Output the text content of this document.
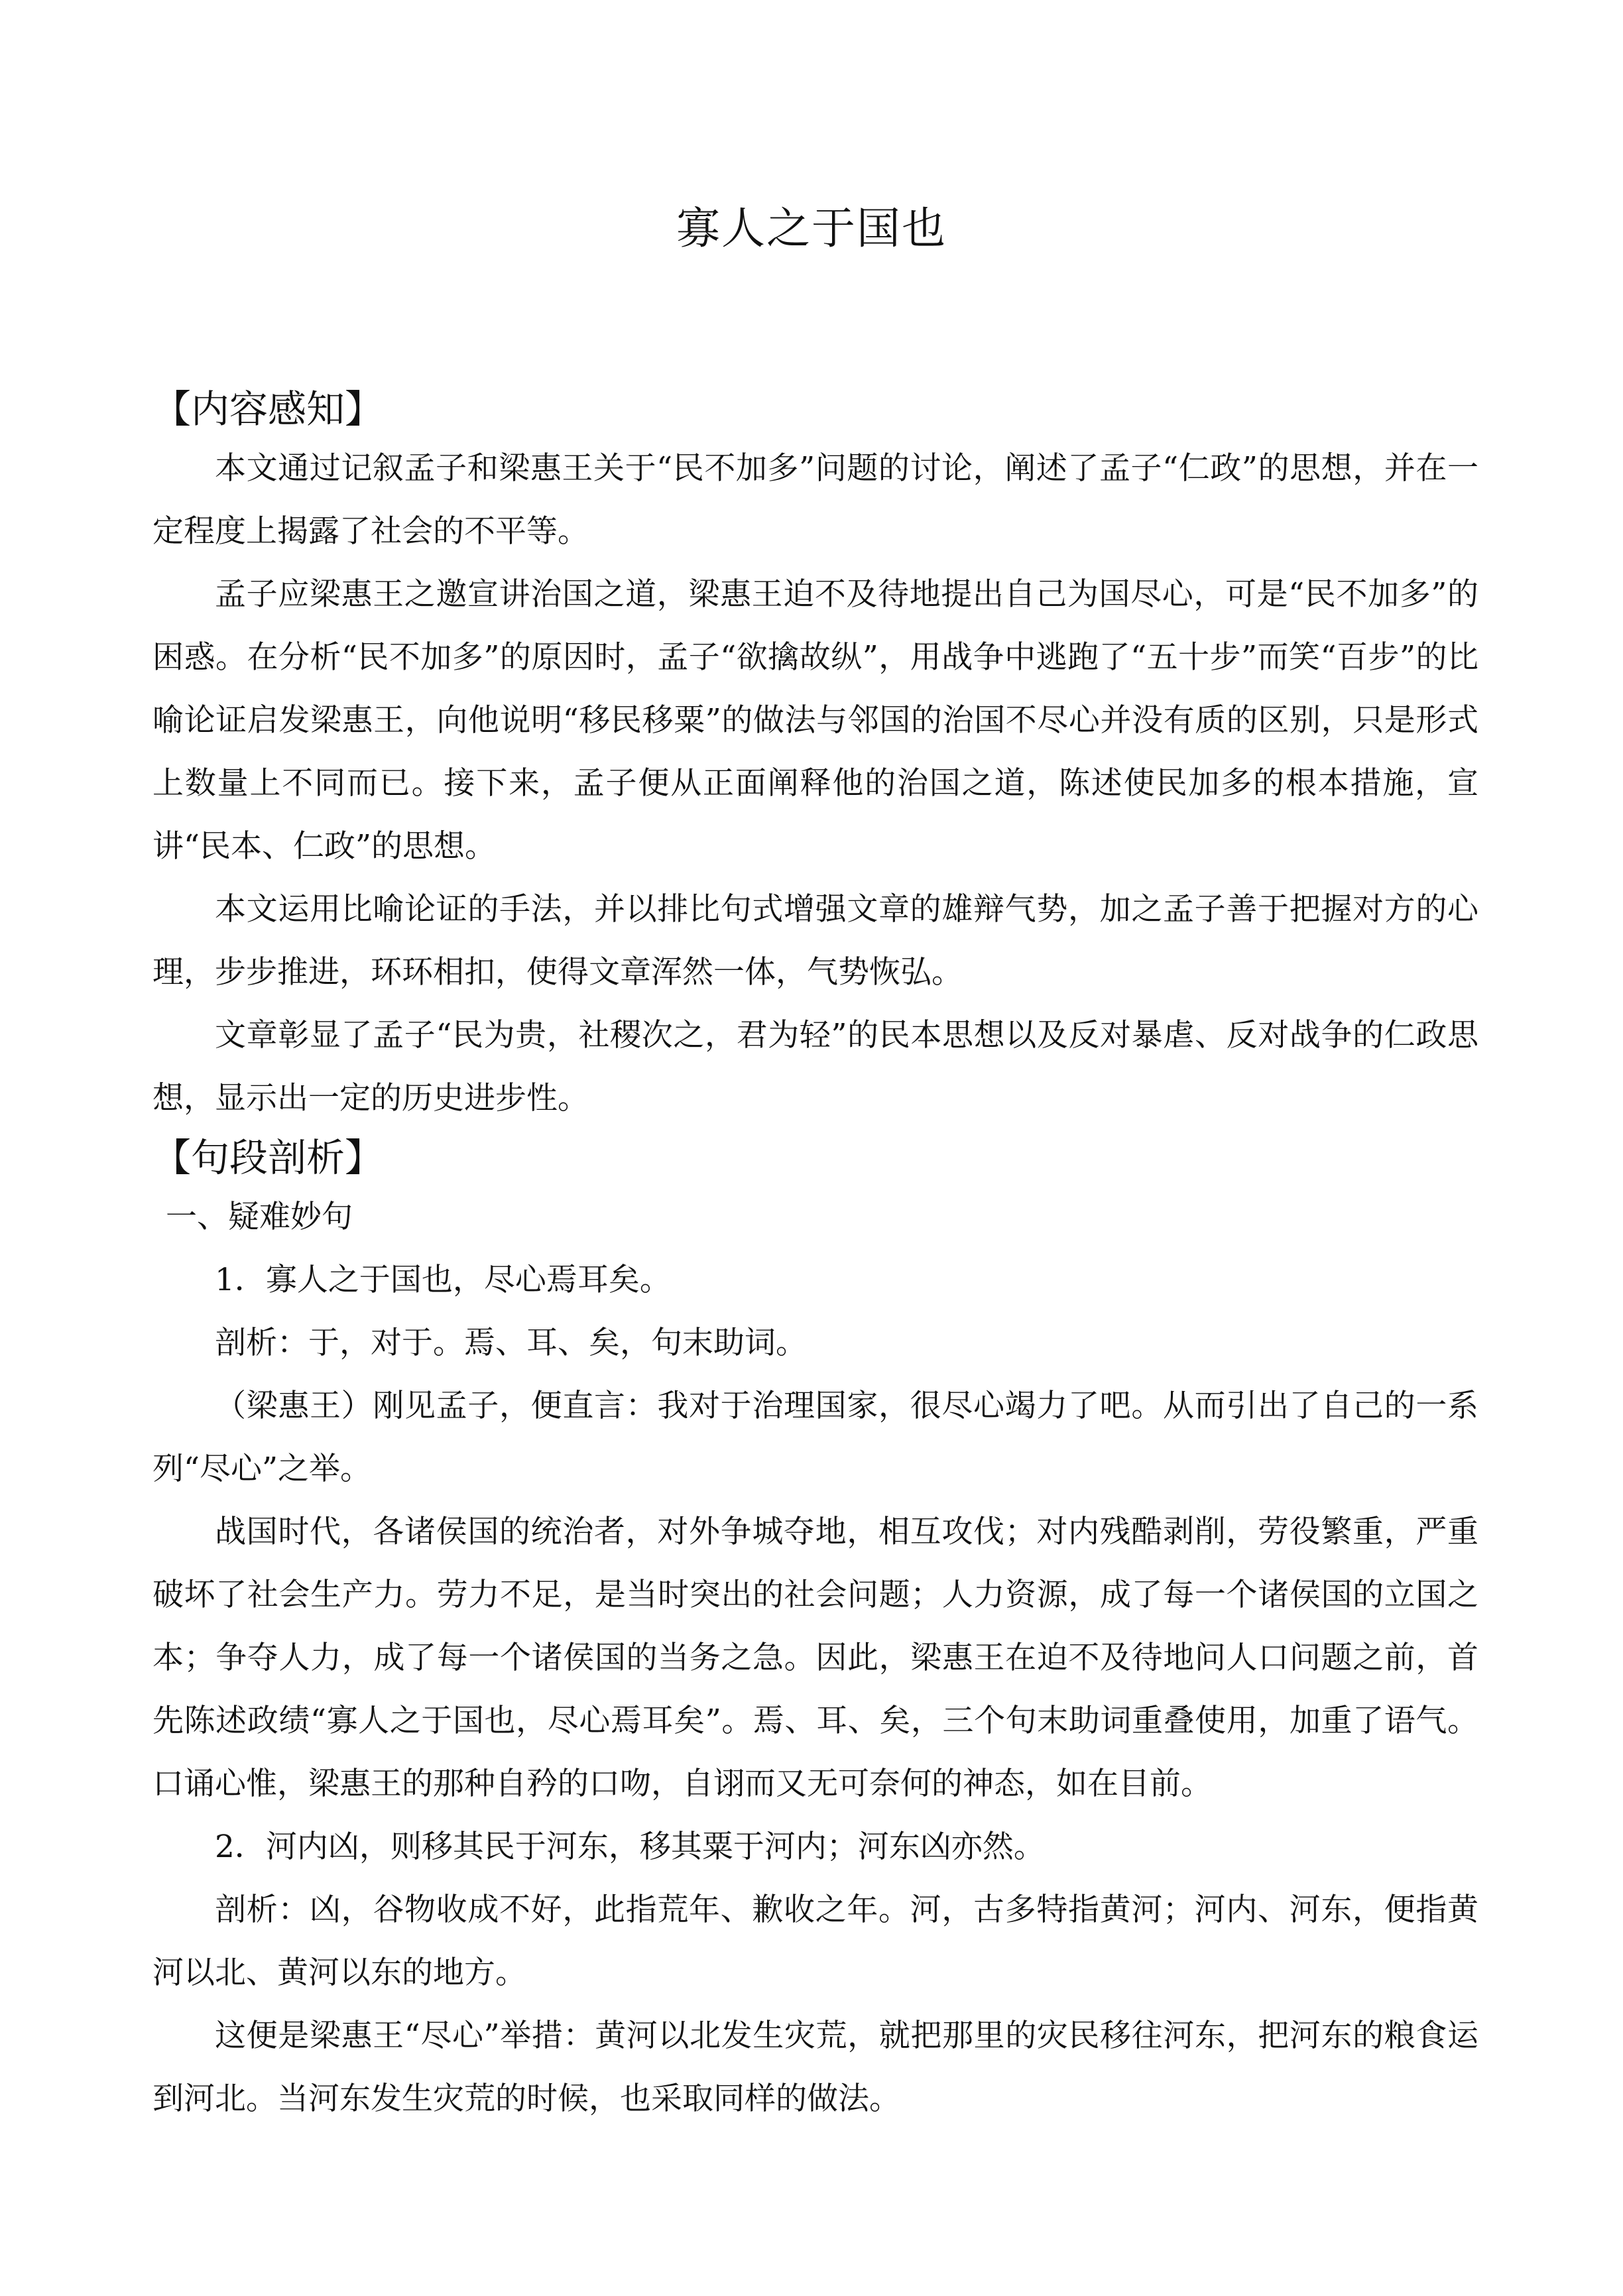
寡人之于国也
【内容感知】

本文通过记叙孟子和梁惠王关于“民不加多”问题的讨论，阐述了孟子“仁政”的思想，并在一定程度上揭露了社会的不平等。

孟子应梁惠王之邀宣讲治国之道，梁惠王迫不及待地提出自己为国尽心，可是“民不加多”的困惑。在分析“民不加多”的原因时，孟子“欲擒故纵”，用战争中逃跑了“五十步”而笑“百步”的比喻论证启发梁惠王，向他说明“移民移粟”的做法与邻国的治国不尽心并没有质的区别，只是形式上数量上不同而已。接下来，孟子便从正面阐释他的治国之道，陈述使民加多的根本措施，宣讲“民本、仁政”的思想。

本文运用比喻论证的手法，并以排比句式增强文章的雄辩气势，加之孟子善于把握对方的心理，步步推进，环环相扣，使得文章浑然一体，气势恢弘。

文章彰显了孟子“民为贵，社稷次之，君为轻”的民本思想以及反对暴虐、反对战争的仁政思想，显示出一定的历史进步性。

【句段剖析】
一、疑难妙句

1．寡人之于国也，尽心焉耳矣。

剖析：于，对于。焉、耳、矣，句末助词。

（梁惠王）刚见孟子，便直言：我对于治理国家，很尽心竭力了吧。从而引出了自己的一系列“尽心”之举。

战国时代，各诸侯国的统治者，对外争城夺地，相互攻伐；对内残酷剥削，劳役繁重，严重破坏了社会生产力。劳力不足，是当时突出的社会问题；人力资源，成了每一个诸侯国的立国之本；争夺人力，成了每一个诸侯国的当务之急。因此，梁惠王在迫不及待地问人口问题之前，首先陈述政绩“寡人之于国也，尽心焉耳矣”。焉、耳、矣，三个句末助词重叠使用，加重了语气。口诵心惟，梁惠王的那种自矜的口吻，自诩而又无可奈何的神态，如在目前。

2．河内凶，则移其民于河东，移其粟于河内；河东凶亦然。

剖析：凶，谷物收成不好，此指荒年、歉收之年。河，古多特指黄河；河内、河东，便指黄河以北、黄河以东的地方。

这便是梁惠王“尽心”举措：黄河以北发生灾荒，就把那里的灾民移往河东，把河东的粮食运到河北。当河东发生灾荒的时候，也采取同样的做法。
